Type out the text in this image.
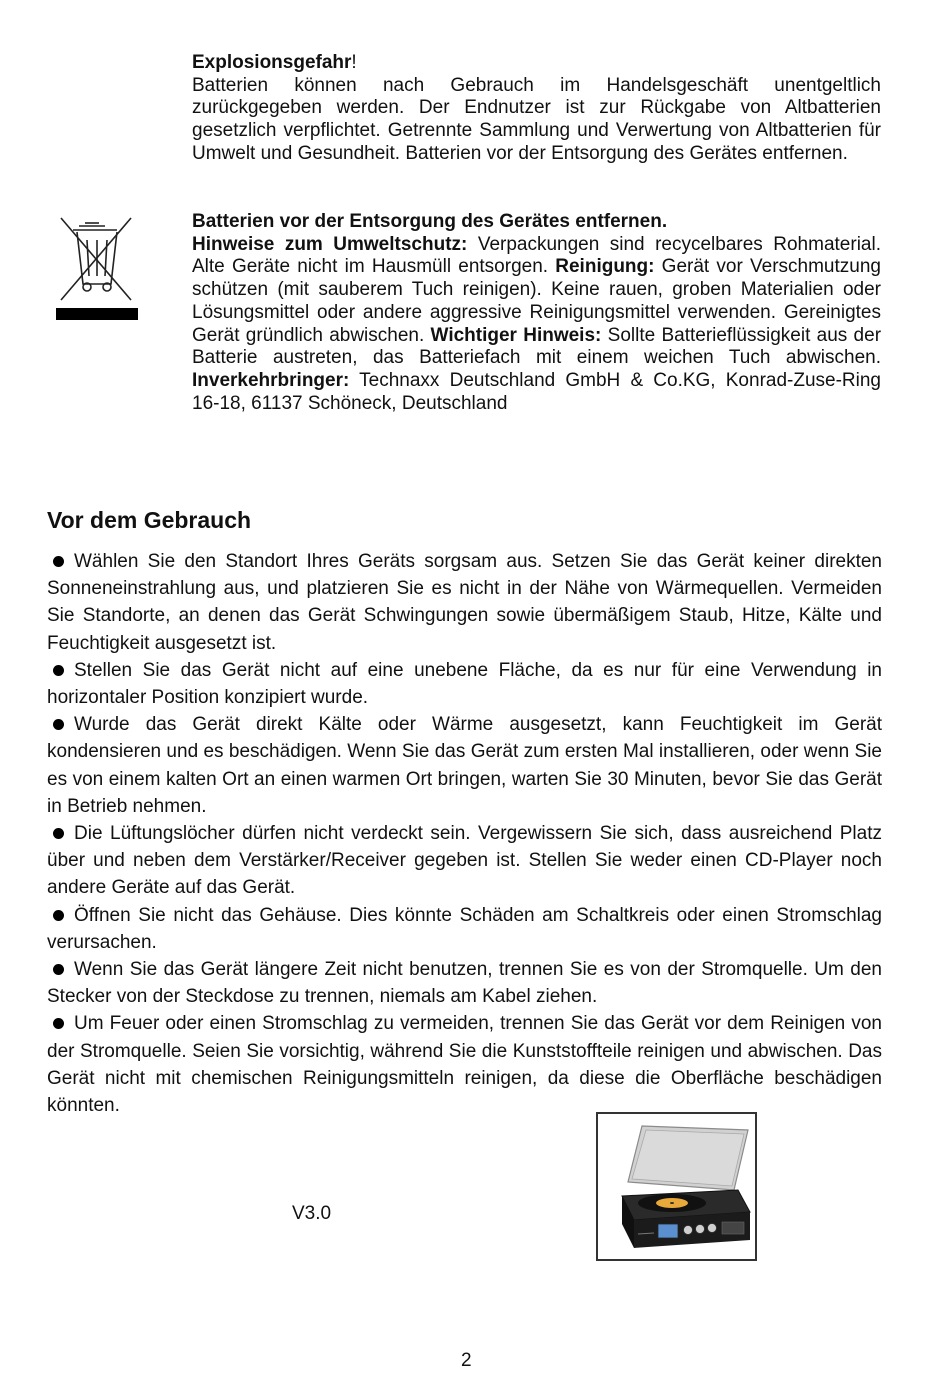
Explosionsgefahr!
Batterien können nach Gebrauch im Handelsgeschäft unentgeltlich zurückgegeben werden. Der Endnutzer ist zur Rückgabe von Altbatterien gesetzlich verpflichtet. Getrennte Sammlung und Verwertung von Altbatterien für Umwelt und Gesundheit. Batterien vor der Entsorgung des Gerätes entfernen.

Batterien vor der Entsorgung des Gerätes entfernen.
Hinweise zum Umweltschutz: Verpackungen sind recycelbares Rohmaterial. Alte Geräte nicht im Hausmüll entsorgen. Reinigung: Gerät vor Verschmutzung schützen (mit sauberem Tuch reinigen). Keine rauen, groben Materialien oder Lösungsmittel oder andere aggressive Reinigungsmittel verwenden. Gereinigtes Gerät gründlich abwischen. Wichtiger Hinweis: Sollte Batterieflüssigkeit aus der Batterie austreten, das Batteriefach mit einem weichen Tuch abwischen. Inverkehrbringer: Technaxx Deutschland GmbH & Co.KG, Konrad-Zuse-Ring 16-18, 61137 Schöneck, Deutschland

Vor dem Gebrauch

Wählen Sie den Standort Ihres Geräts sorgsam aus. Setzen Sie das Gerät keiner direkten Sonneneinstrahlung aus, und platzieren Sie es nicht in der Nähe von Wärmequellen. Vermeiden Sie Standorte, an denen das Gerät Schwingungen sowie übermäßigem Staub, Hitze, Kälte und Feuchtigkeit ausgesetzt ist.

Stellen Sie das Gerät nicht auf eine unebene Fläche, da es nur für eine Verwendung in horizontaler Position konzipiert wurde.

Wurde das Gerät direkt Kälte oder Wärme ausgesetzt, kann Feuchtigkeit im Gerät kondensieren und es beschädigen. Wenn Sie das Gerät zum ersten Mal installieren, oder wenn Sie es von einem kalten Ort an einen warmen Ort bringen, warten Sie 30 Minuten, bevor Sie das Gerät in Betrieb nehmen.

Die Lüftungslöcher dürfen nicht verdeckt sein. Vergewissern Sie sich, dass ausreichend Platz über und neben dem Verstärker/Receiver gegeben ist. Stellen Sie weder einen CD-Player noch andere Geräte auf das Gerät.

Öffnen Sie nicht das Gehäuse. Dies könnte Schäden am Schaltkreis oder einen Stromschlag verursachen.

Wenn Sie das Gerät längere Zeit nicht benutzen, trennen Sie es von der Stromquelle. Um den Stecker von der Steckdose zu trennen, niemals am Kabel ziehen.

Um Feuer oder einen Stromschlag zu vermeiden, trennen Sie das Gerät vor dem Reinigen von der Stromquelle. Seien Sie vorsichtig, während Sie die Kunststoffteile reinigen und abwischen. Das Gerät nicht mit chemischen Reinigungsmitteln reinigen, da diese die Oberfläche beschädigen könnten.

V3.0
2
